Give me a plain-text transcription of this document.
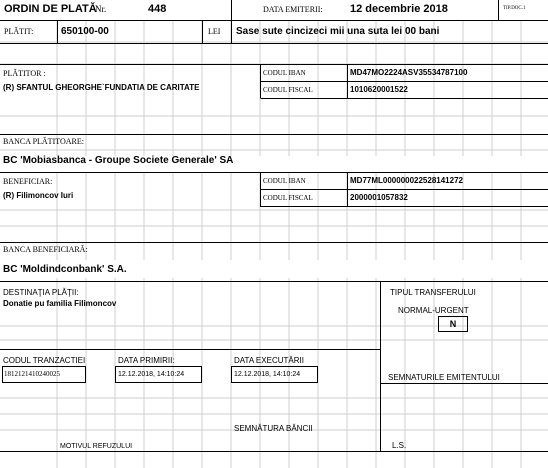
ORDIN DE PLATĂ
Nr.	448	DATA EMITERII: 12 decembrie 2018	TIP.DOC.1
PLĂTIT:	650100-00	LEI Sase sute cincizeci mii una suta lei 00 bani
PLĂTITOR :
(R) SFANTUL GHEORGHE`FUNDATIA DE CARITATE
CODUL IBAN	MD47MO2224ASV35534787100
CODUL FISCAL	1010620001522
BANCA PLĂTITOARE:
BC 'Mobiasbanca - Groupe Societe Generale' SA
BENEFICIAR:
(R) Filimoncov Iuri
CODUL IBAN	MD77ML000000022528141272
CODUL FISCAL	2000001057832
BANCA BENEFICIARĂ:
BC 'Moldindconbank' S.A.
DESTINAŢIA PLĂŢII:
Donatie pu familia Filimoncov
TIPUL TRANSFERULUI
NORMAL-URGENT
N
CODUL TRANZACTIEI
1812121410240025
DATA PRIMIRII:
12.12.2018, 14:10:24
DATA EXECUTĂRII
12.12.2018, 14:10:24	SEMNATURILE EMITENTULUI
SEMNĂTURA BĂNCII
MOTIVUL REFUZULUI	L.S.
